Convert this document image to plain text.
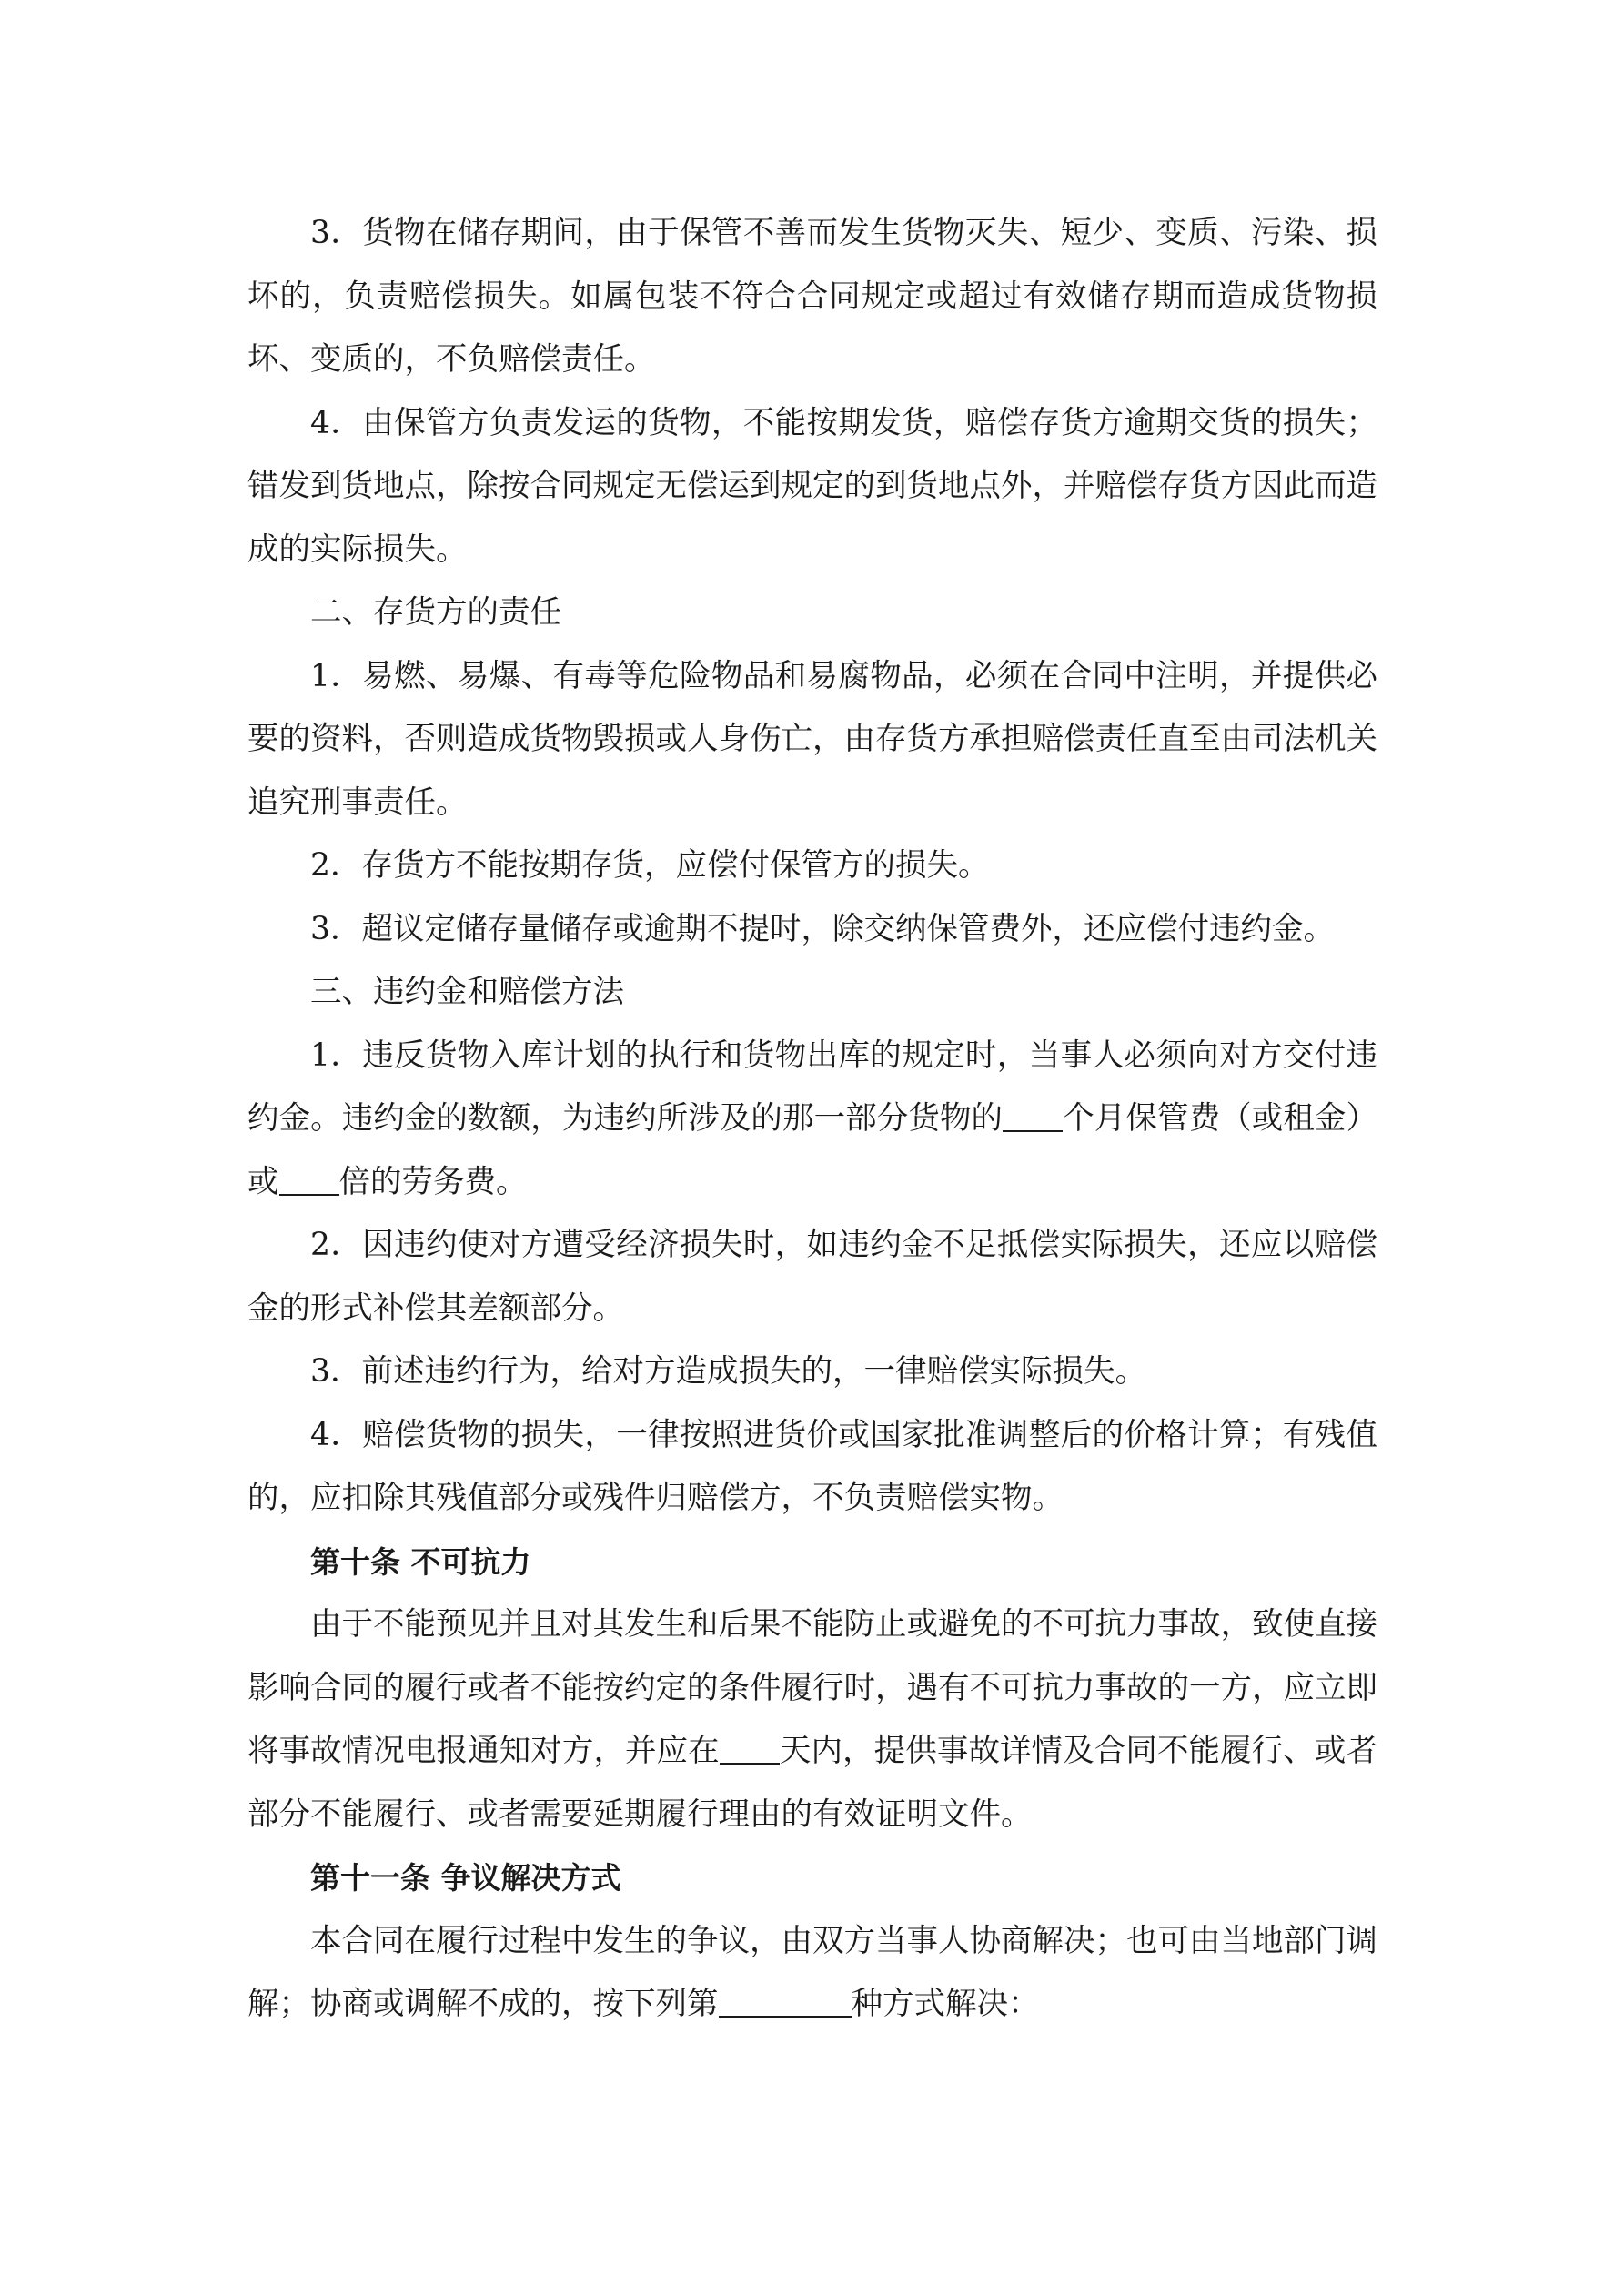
3．货物在储存期间，由于保管不善而发生货物灭失、短少、变质、污染、损坏的，负责赔偿损失。如属包装不符合合同规定或超过有效储存期而造成货物损坏、变质的，不负赔偿责任。

4．由保管方负责发运的货物，不能按期发货，赔偿存货方逾期交货的损失；错发到货地点，除按合同规定无偿运到规定的到货地点外，并赔偿存货方因此而造成的实际损失。

二、存货方的责任

1．易燃、易爆、有毒等危险物品和易腐物品，必须在合同中注明，并提供必要的资料，否则造成货物毁损或人身伤亡，由存货方承担赔偿责任直至由司法机关追究刑事责任。

2．存货方不能按期存货，应偿付保管方的损失。

3．超议定储存量储存或逾期不提时，除交纳保管费外，还应偿付违约金。

三、违约金和赔偿方法

1．违反货物入库计划的执行和货物出库的规定时，当事人必须向对方交付违约金。违约金的数额，为违约所涉及的那一部分货物的 个月保管费（或租金）或 倍的劳务费。

2．因违约使对方遭受经济损失时，如违约金不足抵偿实际损失，还应以赔偿金的形式补偿其差额部分。

3．前述违约行为，给对方造成损失的，一律赔偿实际损失。

4．赔偿货物的损失，一律按照进货价或国家批准调整后的价格计算；有残值的，应扣除其残值部分或残件归赔偿方，不负责赔偿实物。

第十条 不可抗力

由于不能预见并且对其发生和后果不能防止或避免的不可抗力事故，致使直接影响合同的履行或者不能按约定的条件履行时，遇有不可抗力事故的一方，应立即将事故情况电报通知对方，并应在 天内，提供事故详情及合同不能履行、或者部分不能履行、或者需要延期履行理由的有效证明文件。

第十一条 争议解决方式

本合同在履行过程中发生的争议，由双方当事人协商解决；也可由当地部门调解；协商或调解不成的，按下列第	种方式解决：
